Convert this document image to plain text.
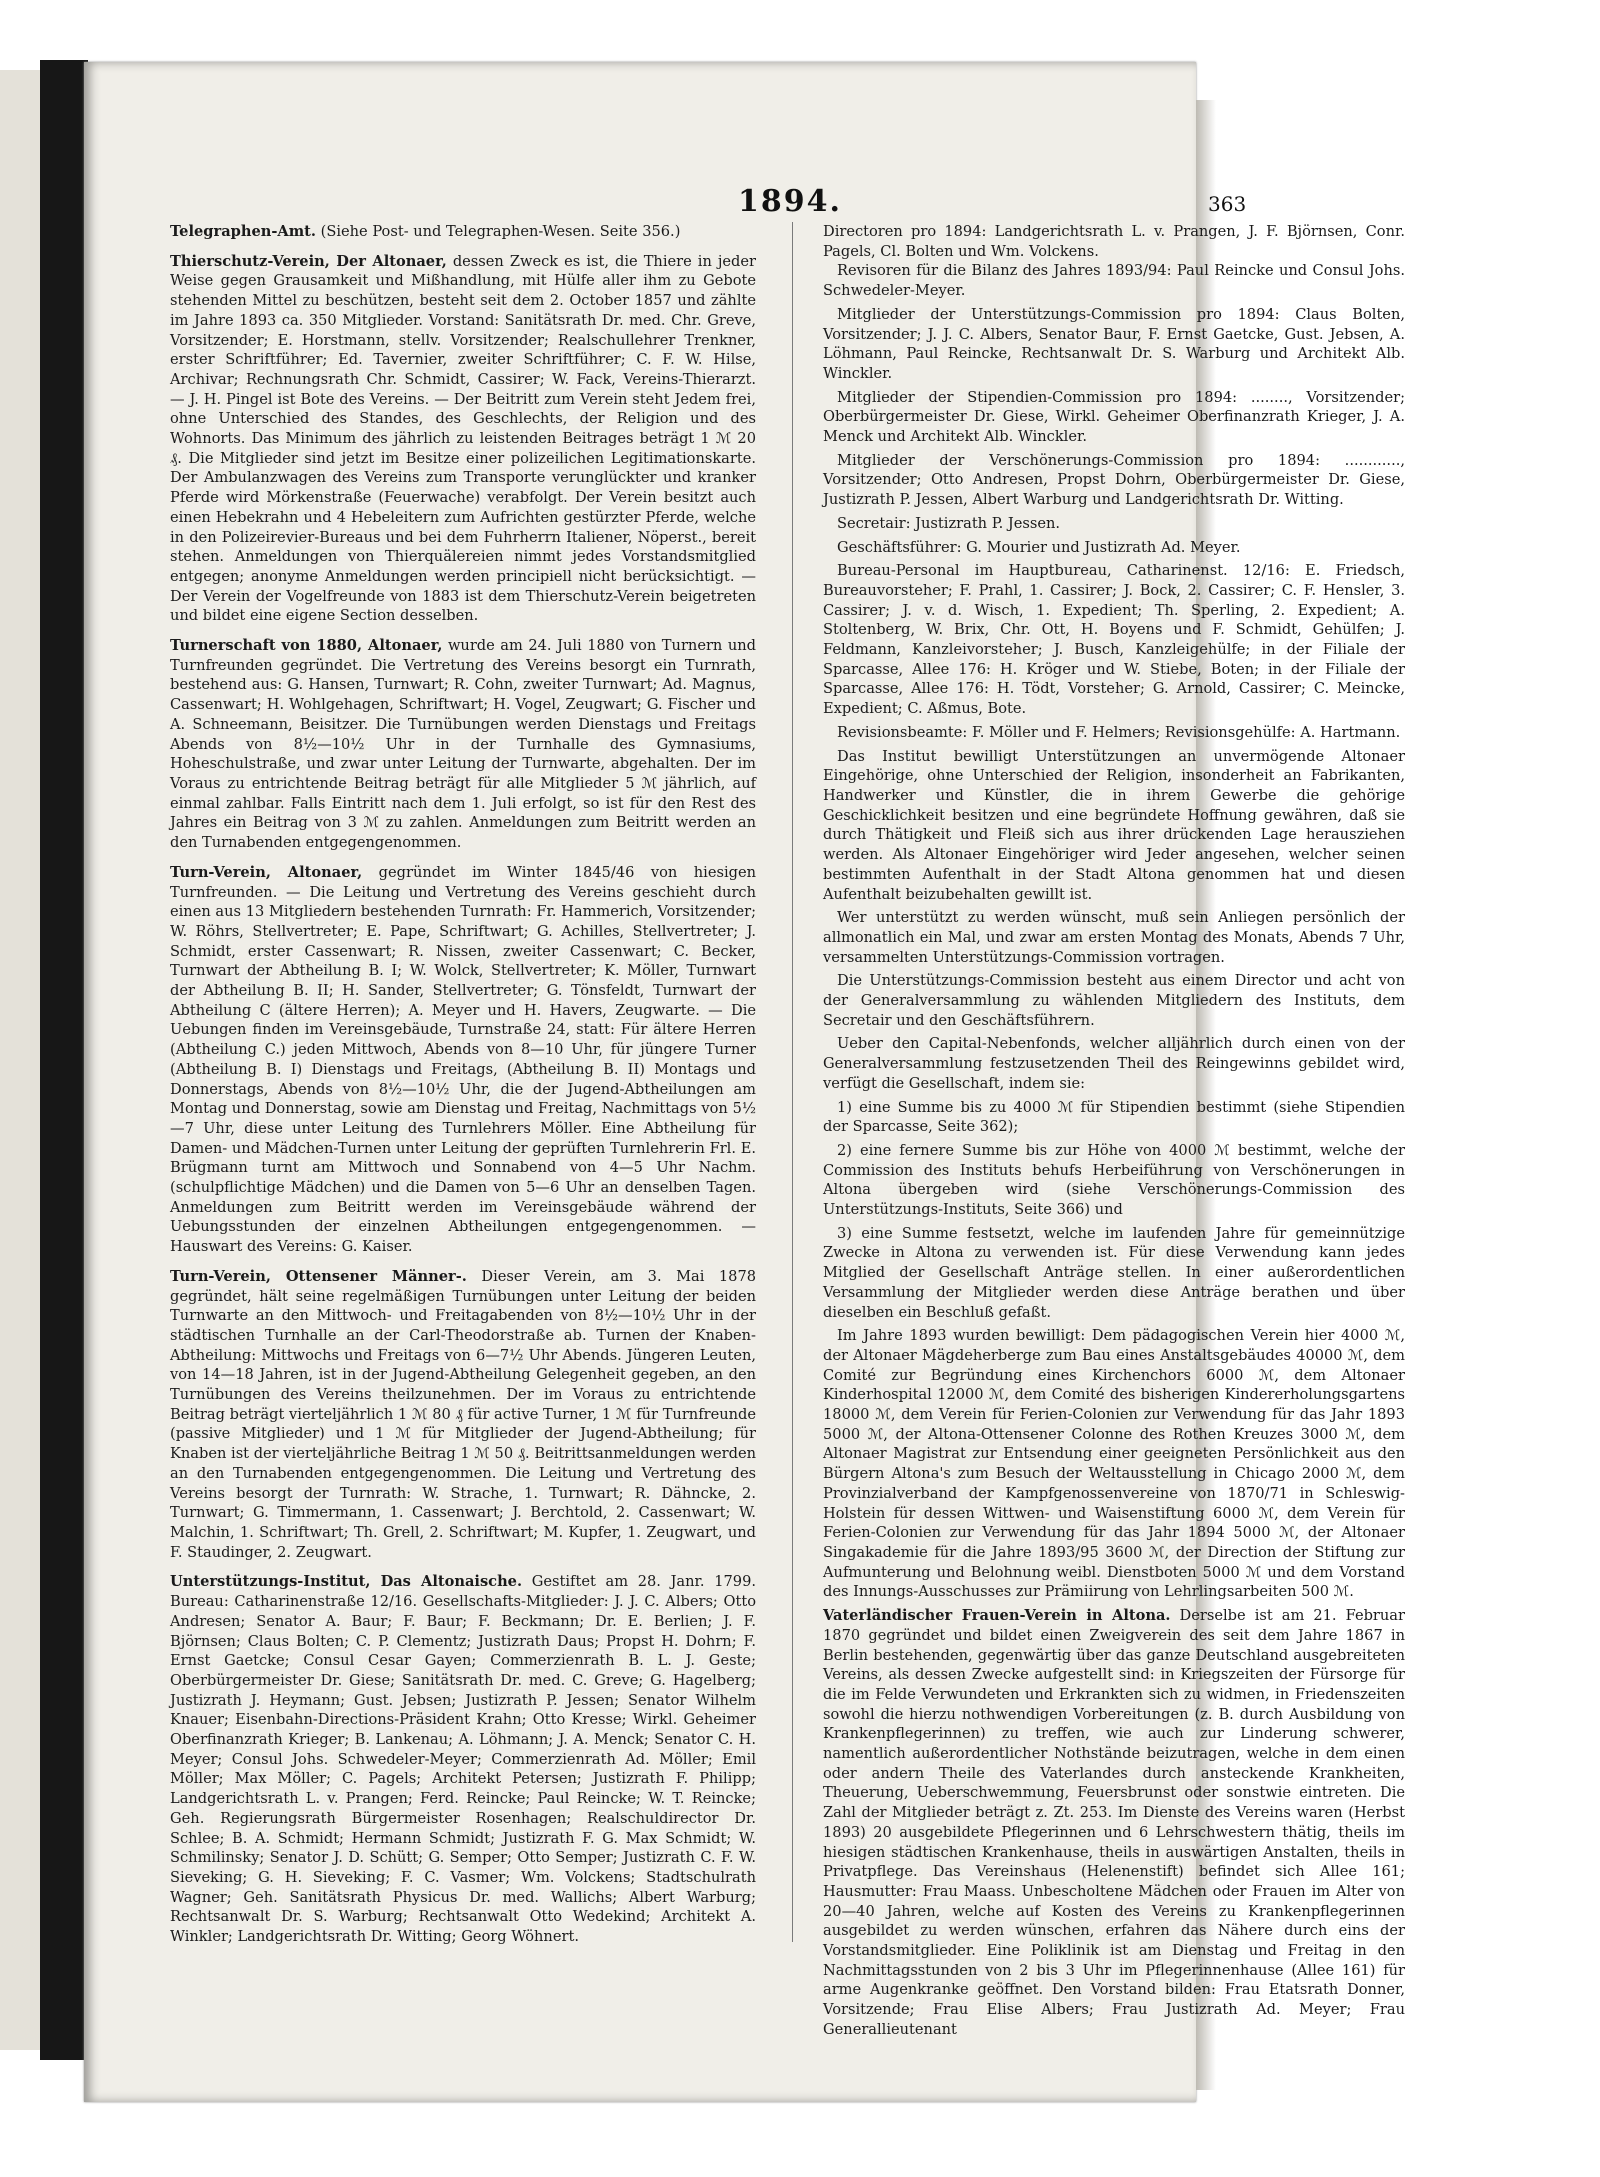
1894.	363

Telegraphen-Amt. (Siehe Post- und Telegraphen-Wesen. Seite 356.)

Thierschutz-Verein, Der Altonaer, dessen Zweck es ist, die Thiere in jeder Weise gegen Grausamkeit und Mißhandlung, mit Hülfe aller ihm zu Gebote stehenden Mittel zu beschützen, besteht seit dem 2. October 1857 und zählte im Jahre 1893 ca. 350 Mitglieder. Vorstand: Sanitätsrath Dr. med. Chr. Greve, Vorsitzender; E. Horstmann, stellv. Vorsitzender; Realschullehrer Trenkner, erster Schriftführer; Ed. Tavernier, zweiter Schriftführer; C. F. W. Hilse, Archivar; Rechnungsrath Chr. Schmidt, Cassirer; W. Fack, Vereins-Thierarzt. — J. H. Pingel ist Bote des Vereins. — Der Beitritt zum Verein steht Jedem frei, ohne Unterschied des Standes, des Geschlechts, der Religion und des Wohnorts. Das Minimum des jährlich zu leistenden Beitrages beträgt 1 ℳ 20 ₰. Die Mitglieder sind jetzt im Besitze einer polizeilichen Legitimationskarte. Der Ambulanzwagen des Vereins zum Transporte verunglückter und kranker Pferde wird Mörkenstraße (Feuerwache) verabfolgt. Der Verein besitzt auch einen Hebekrahn und 4 Hebeleitern zum Aufrichten gestürzter Pferde, welche in den Polizeirevier-Bureaus und bei dem Fuhrherrn Italiener, Nöperst., bereit stehen. Anmeldungen von Thierquälereien nimmt jedes Vorstandsmitglied entgegen; anonyme Anmeldungen werden principiell nicht berücksichtigt. — Der Verein der Vogelfreunde von 1883 ist dem Thierschutz-Verein beigetreten und bildet eine eigene Section desselben.

Turnerschaft von 1880, Altonaer, wurde am 24. Juli 1880 von Turnern und Turnfreunden gegründet. Die Vertretung des Vereins besorgt ein Turnrath, bestehend aus: G. Hansen, Turnwart; R. Cohn, zweiter Turnwart; Ad. Magnus, Cassenwart; H. Wohlgehagen, Schriftwart; H. Vogel, Zeugwart; G. Fischer und A. Schneemann, Beisitzer. Die Turnübungen werden Dienstags und Freitags Abends von 8½—10½ Uhr in der Turnhalle des Gymnasiums, Hoheschulstraße, und zwar unter Leitung der Turnwarte, abgehalten. Der im Voraus zu entrichtende Beitrag beträgt für alle Mitglieder 5 ℳ jährlich, auf einmal zahlbar. Falls Eintritt nach dem 1. Juli erfolgt, so ist für den Rest des Jahres ein Beitrag von 3 ℳ zu zahlen. Anmeldungen zum Beitritt werden an den Turnabenden entgegengenommen.

Turn-Verein, Altonaer, gegründet im Winter 1845/46 von hiesigen Turnfreunden. — Die Leitung und Vertretung des Vereins geschieht durch einen aus 13 Mitgliedern bestehenden Turnrath: Fr. Hammerich, Vorsitzender; W. Röhrs, Stellvertreter; E. Pape, Schriftwart; G. Achilles, Stellvertreter; J. Schmidt, erster Cassenwart; R. Nissen, zweiter Cassenwart; C. Becker, Turnwart der Abtheilung B. I; W. Wolck, Stellvertreter; K. Möller, Turnwart der Abtheilung B. II; H. Sander, Stellvertreter; G. Tönsfeldt, Turnwart der Abtheilung C (ältere Herren); A. Meyer und H. Havers, Zeugwarte. — Die Uebungen finden im Vereinsgebäude, Turnstraße 24, statt: Für ältere Herren (Abtheilung C.) jeden Mittwoch, Abends von 8—10 Uhr, für jüngere Turner (Abtheilung B. I) Dienstags und Freitags, (Abtheilung B. II) Montags und Donnerstags, Abends von 8½—10½ Uhr, die der Jugend-Abtheilungen am Montag und Donnerstag, sowie am Dienstag und Freitag, Nachmittags von 5½—7 Uhr, diese unter Leitung des Turnlehrers Möller. Eine Abtheilung für Damen- und Mädchen-Turnen unter Leitung der geprüften Turnlehrerin Frl. E. Brügmann turnt am Mittwoch und Sonnabend von 4—5 Uhr Nachm. (schulpflichtige Mädchen) und die Damen von 5—6 Uhr an denselben Tagen. Anmeldungen zum Beitritt werden im Vereinsgebäude während der Uebungsstunden der einzelnen Abtheilungen entgegengenommen. — Hauswart des Vereins: G. Kaiser.

Turn-Verein, Ottensener Männer-. Dieser Verein, am 3. Mai 1878 gegründet, hält seine regelmäßigen Turnübungen unter Leitung der beiden Turnwarte an den Mittwoch- und Freitagabenden von 8½—10½ Uhr in der städtischen Turnhalle an der Carl-Theodorstraße ab. Turnen der Knaben-Abtheilung: Mittwochs und Freitags von 6—7½ Uhr Abends. Jüngeren Leuten, von 14—18 Jahren, ist in der Jugend-Abtheilung Gelegenheit gegeben, an den Turnübungen des Vereins theilzunehmen. Der im Voraus zu entrichtende Beitrag beträgt vierteljährlich 1 ℳ 80 ₰ für active Turner, 1 ℳ für Turnfreunde (passive Mitglieder) und 1 ℳ für Mitglieder der Jugend-Abtheilung; für Knaben ist der vierteljährliche Beitrag 1 ℳ 50 ₰. Beitrittsanmeldungen werden an den Turnabenden entgegengenommen. Die Leitung und Vertretung des Vereins besorgt der Turnrath: W. Strache, 1. Turnwart; R. Dähncke, 2. Turnwart; G. Timmermann, 1. Cassenwart; J. Berchtold, 2. Cassenwart; W. Malchin, 1. Schriftwart; Th. Grell, 2. Schriftwart; M. Kupfer, 1. Zeugwart, und F. Staudinger, 2. Zeugwart.

Unterstützungs-Institut, Das Altonaische. Gestiftet am 28. Janr. 1799. Bureau: Catharinenstraße 12/16. Gesellschafts-Mitglieder: J. J. C. Albers; Otto Andresen; Senator A. Baur; F. Baur; F. Beckmann; Dr. E. Berlien; J. F. Björnsen; Claus Bolten; C. P. Clementz; Justizrath Daus; Propst H. Dohrn; F. Ernst Gaetcke; Consul Cesar Gayen; Commerzienrath B. L. J. Geste; Oberbürgermeister Dr. Giese; Sanitätsrath Dr. med. C. Greve; G. Hagelberg; Justizrath J. Heymann; Gust. Jebsen; Justizrath P. Jessen; Senator Wilhelm Knauer; Eisenbahn-Directions-Präsident Krahn; Otto Kresse; Wirkl. Geheimer Oberfinanzrath Krieger; B. Lankenau; A. Löhmann; J. A. Menck; Senator C. H. Meyer; Consul Johs. Schwedeler-Meyer; Commerzienrath Ad. Möller; Emil Möller; Max Möller; C. Pagels; Architekt Petersen; Justizrath F. Philipp; Landgerichtsrath L. v. Prangen; Ferd. Reincke; Paul Reincke; W. T. Reincke; Geh. Regierungsrath Bürgermeister Rosenhagen; Realschuldirector Dr. Schlee; B. A. Schmidt; Hermann Schmidt; Justizrath F. G. Max Schmidt; W. Schmilinsky; Senator J. D. Schütt; G. Semper; Otto Semper; Justizrath C. F. W. Sieveking; G. H. Sieveking; F. C. Vasmer; Wm. Volckens; Stadtschulrath Wagner; Geh. Sanitätsrath Physicus Dr. med. Wallichs; Albert Warburg; Rechtsanwalt Dr. S. Warburg; Rechtsanwalt Otto Wedekind; Architekt A. Winkler; Landgerichtsrath Dr. Witting; Georg Wöhnert.

Directoren pro 1894: Landgerichtsrath L. v. Prangen, J. F. Björnsen, Conr. Pagels, Cl. Bolten und Wm. Volckens.

Revisoren für die Bilanz des Jahres 1893/94: Paul Reincke und Consul Johs. Schwedeler-Meyer.

Mitglieder der Unterstützungs-Commission pro 1894: Claus Bolten, Vorsitzender; J. J. C. Albers, Senator Baur, F. Ernst Gaetcke, Gust. Jebsen, A. Löhmann, Paul Reincke, Rechtsanwalt Dr. S. Warburg und Architekt Alb. Winckler.

Mitglieder der Stipendien-Commission pro 1894: ........, Vorsitzender; Oberbürgermeister Dr. Giese, Wirkl. Geheimer Oberfinanzrath Krieger, J. A. Menck und Architekt Alb. Winckler.

Mitglieder der Verschönerungs-Commission pro 1894: ............, Vorsitzender; Otto Andresen, Propst Dohrn, Oberbürgermeister Dr. Giese, Justizrath P. Jessen, Albert Warburg und Landgerichtsrath Dr. Witting.

Secretair: Justizrath P. Jessen.

Geschäftsführer: G. Mourier und Justizrath Ad. Meyer.

Bureau-Personal im Hauptbureau, Catharinenst. 12/16: E. Friedsch, Bureauvorsteher; F. Prahl, 1. Cassirer; J. Bock, 2. Cassirer; C. F. Hensler, 3. Cassirer; J. v. d. Wisch, 1. Expedient; Th. Sperling, 2. Expedient; A. Stoltenberg, W. Brix, Chr. Ott, H. Boyens und F. Schmidt, Gehülfen; J. Feldmann, Kanzleivorsteher; J. Busch, Kanzleigehülfe; in der Filiale der Sparcasse, Allee 176: H. Kröger und W. Stiebe, Boten; in der Filiale der Sparcasse, Allee 176: H. Tödt, Vorsteher; G. Arnold, Cassirer; C. Meincke, Expedient; C. Aßmus, Bote.

Revisionsbeamte: F. Möller und F. Helmers; Revisionsgehülfe: A. Hartmann.

Das Institut bewilligt Unterstützungen an unvermögende Altonaer Eingehörige, ohne Unterschied der Religion, insonderheit an Fabrikanten, Handwerker und Künstler, die in ihrem Gewerbe die gehörige Geschicklichkeit besitzen und eine begründete Hoffnung gewähren, daß sie durch Thätigkeit und Fleiß sich aus ihrer drückenden Lage herausziehen werden. Als Altonaer Eingehöriger wird Jeder angesehen, welcher seinen bestimmten Aufenthalt in der Stadt Altona genommen hat und diesen Aufenthalt beizubehalten gewillt ist.

Wer unterstützt zu werden wünscht, muß sein Anliegen persönlich der allmonatlich ein Mal, und zwar am ersten Montag des Monats, Abends 7 Uhr, versammelten Unterstützungs-Commission vortragen.

Die Unterstützungs-Commission besteht aus einem Director und acht von der Generalversammlung zu wählenden Mitgliedern des Instituts, dem Secretair und den Geschäftsführern.

Ueber den Capital-Nebenfonds, welcher alljährlich durch einen von der Generalversammlung festzusetzenden Theil des Reingewinns gebildet wird, verfügt die Gesellschaft, indem sie:

1) eine Summe bis zu 4000 ℳ für Stipendien bestimmt (siehe Stipendien der Sparcasse, Seite 362);

2) eine fernere Summe bis zur Höhe von 4000 ℳ bestimmt, welche der Commission des Instituts behufs Herbeiführung von Verschönerungen in Altona übergeben wird (siehe Verschönerungs-Commission des Unterstützungs-Instituts, Seite 366) und

3) eine Summe festsetzt, welche im laufenden Jahre für gemeinnützige Zwecke in Altona zu verwenden ist. Für diese Verwendung kann jedes Mitglied der Gesellschaft Anträge stellen. In einer außerordentlichen Versammlung der Mitglieder werden diese Anträge berathen und über dieselben ein Beschluß gefaßt.

Im Jahre 1893 wurden bewilligt: Dem pädagogischen Verein hier 4000 ℳ, der Altonaer Mägdeherberge zum Bau eines Anstaltsgebäudes 40000 ℳ, dem Comité zur Begründung eines Kirchenchors 6000 ℳ, dem Altonaer Kinderhospital 12000 ℳ, dem Comité des bisherigen Kindererholungsgartens 18000 ℳ, dem Verein für Ferien-Colonien zur Verwendung für das Jahr 1893 5000 ℳ, der Altona-Ottensener Colonne des Rothen Kreuzes 3000 ℳ, dem Altonaer Magistrat zur Entsendung einer geeigneten Persönlichkeit aus den Bürgern Altona's zum Besuch der Weltausstellung in Chicago 2000 ℳ, dem Provinzialverband der Kampfgenossenvereine von 1870/71 in Schleswig-Holstein für dessen Wittwen- und Waisenstiftung 6000 ℳ, dem Verein für Ferien-Colonien zur Verwendung für das Jahr 1894 5000 ℳ, der Altonaer Singakademie für die Jahre 1893/95 3600 ℳ, der Direction der Stiftung zur Aufmunterung und Belohnung weibl. Dienstboten 5000 ℳ und dem Vorstand des Innungs-Ausschusses zur Prämiirung von Lehrlingsarbeiten 500 ℳ.

Vaterländischer Frauen-Verein in Altona. Derselbe ist am 21. Februar 1870 gegründet und bildet einen Zweigverein des seit dem Jahre 1867 in Berlin bestehenden, gegenwärtig über das ganze Deutschland ausgebreiteten Vereins, als dessen Zwecke aufgestellt sind: in Kriegszeiten der Fürsorge für die im Felde Verwundeten und Erkrankten sich zu widmen, in Friedenszeiten sowohl die hierzu nothwendigen Vorbereitungen (z. B. durch Ausbildung von Krankenpflegerinnen) zu treffen, wie auch zur Linderung schwerer, namentlich außerordentlicher Nothstände beizutragen, welche in dem einen oder andern Theile des Vaterlandes durch ansteckende Krankheiten, Theuerung, Ueberschwemmung, Feuersbrunst oder sonstwie eintreten. Die Zahl der Mitglieder beträgt z. Zt. 253. Im Dienste des Vereins waren (Herbst 1893) 20 ausgebildete Pflegerinnen und 6 Lehrschwestern thätig, theils im hiesigen städtischen Krankenhause, theils in auswärtigen Anstalten, theils in Privatpflege. Das Vereinshaus (Helenenstift) befindet sich Allee 161; Hausmutter: Frau Maass. Unbescholtene Mädchen oder Frauen im Alter von 20—40 Jahren, welche auf Kosten des Vereins zu Krankenpflegerinnen ausgebildet zu werden wünschen, erfahren das Nähere durch eins der Vorstandsmitglieder. Eine Poliklinik ist am Dienstag und Freitag in den Nachmittagsstunden von 2 bis 3 Uhr im Pflegerinnenhause (Allee 161) für arme Augenkranke geöffnet. Den Vorstand bilden: Frau Etatsrath Donner, Vorsitzende; Frau Elise Albers; Frau Justizrath Ad. Meyer; Frau Generallieutenant
